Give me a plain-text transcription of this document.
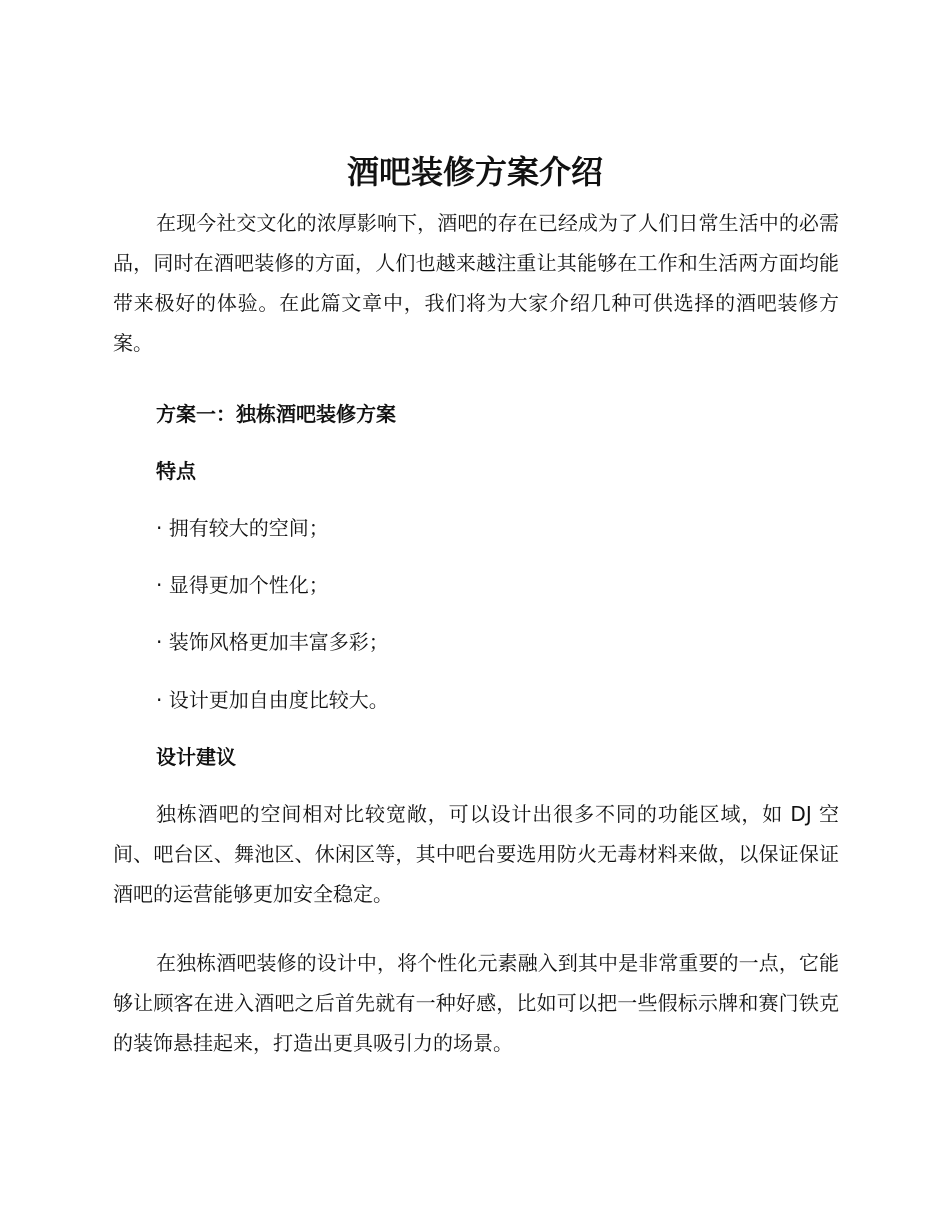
酒吧装修方案介绍

在现今社交文化的浓厚影响下，酒吧的存在已经成为了人们日常生活中的必需品，同时在酒吧装修的方面，人们也越来越注重让其能够在工作和生活两方面均能带来极好的体验。在此篇文章中，我们将为大家介绍几种可供选择的酒吧装修方案。

方案一：独栋酒吧装修方案

特点

· 拥有较大的空间；

· 显得更加个性化；

· 装饰风格更加丰富多彩；

· 设计更加自由度比较大。

设计建议

独栋酒吧的空间相对比较宽敞，可以设计出很多不同的功能区域，如 DJ 空间、吧台区、舞池区、休闲区等，其中吧台要选用防火无毒材料来做，以保证保证酒吧的运营能够更加安全稳定。

在独栋酒吧装修的设计中，将个性化元素融入到其中是非常重要的一点，它能够让顾客在进入酒吧之后首先就有一种好感，比如可以把一些假标示牌和赛门铁克的装饰悬挂起来，打造出更具吸引力的场景。
